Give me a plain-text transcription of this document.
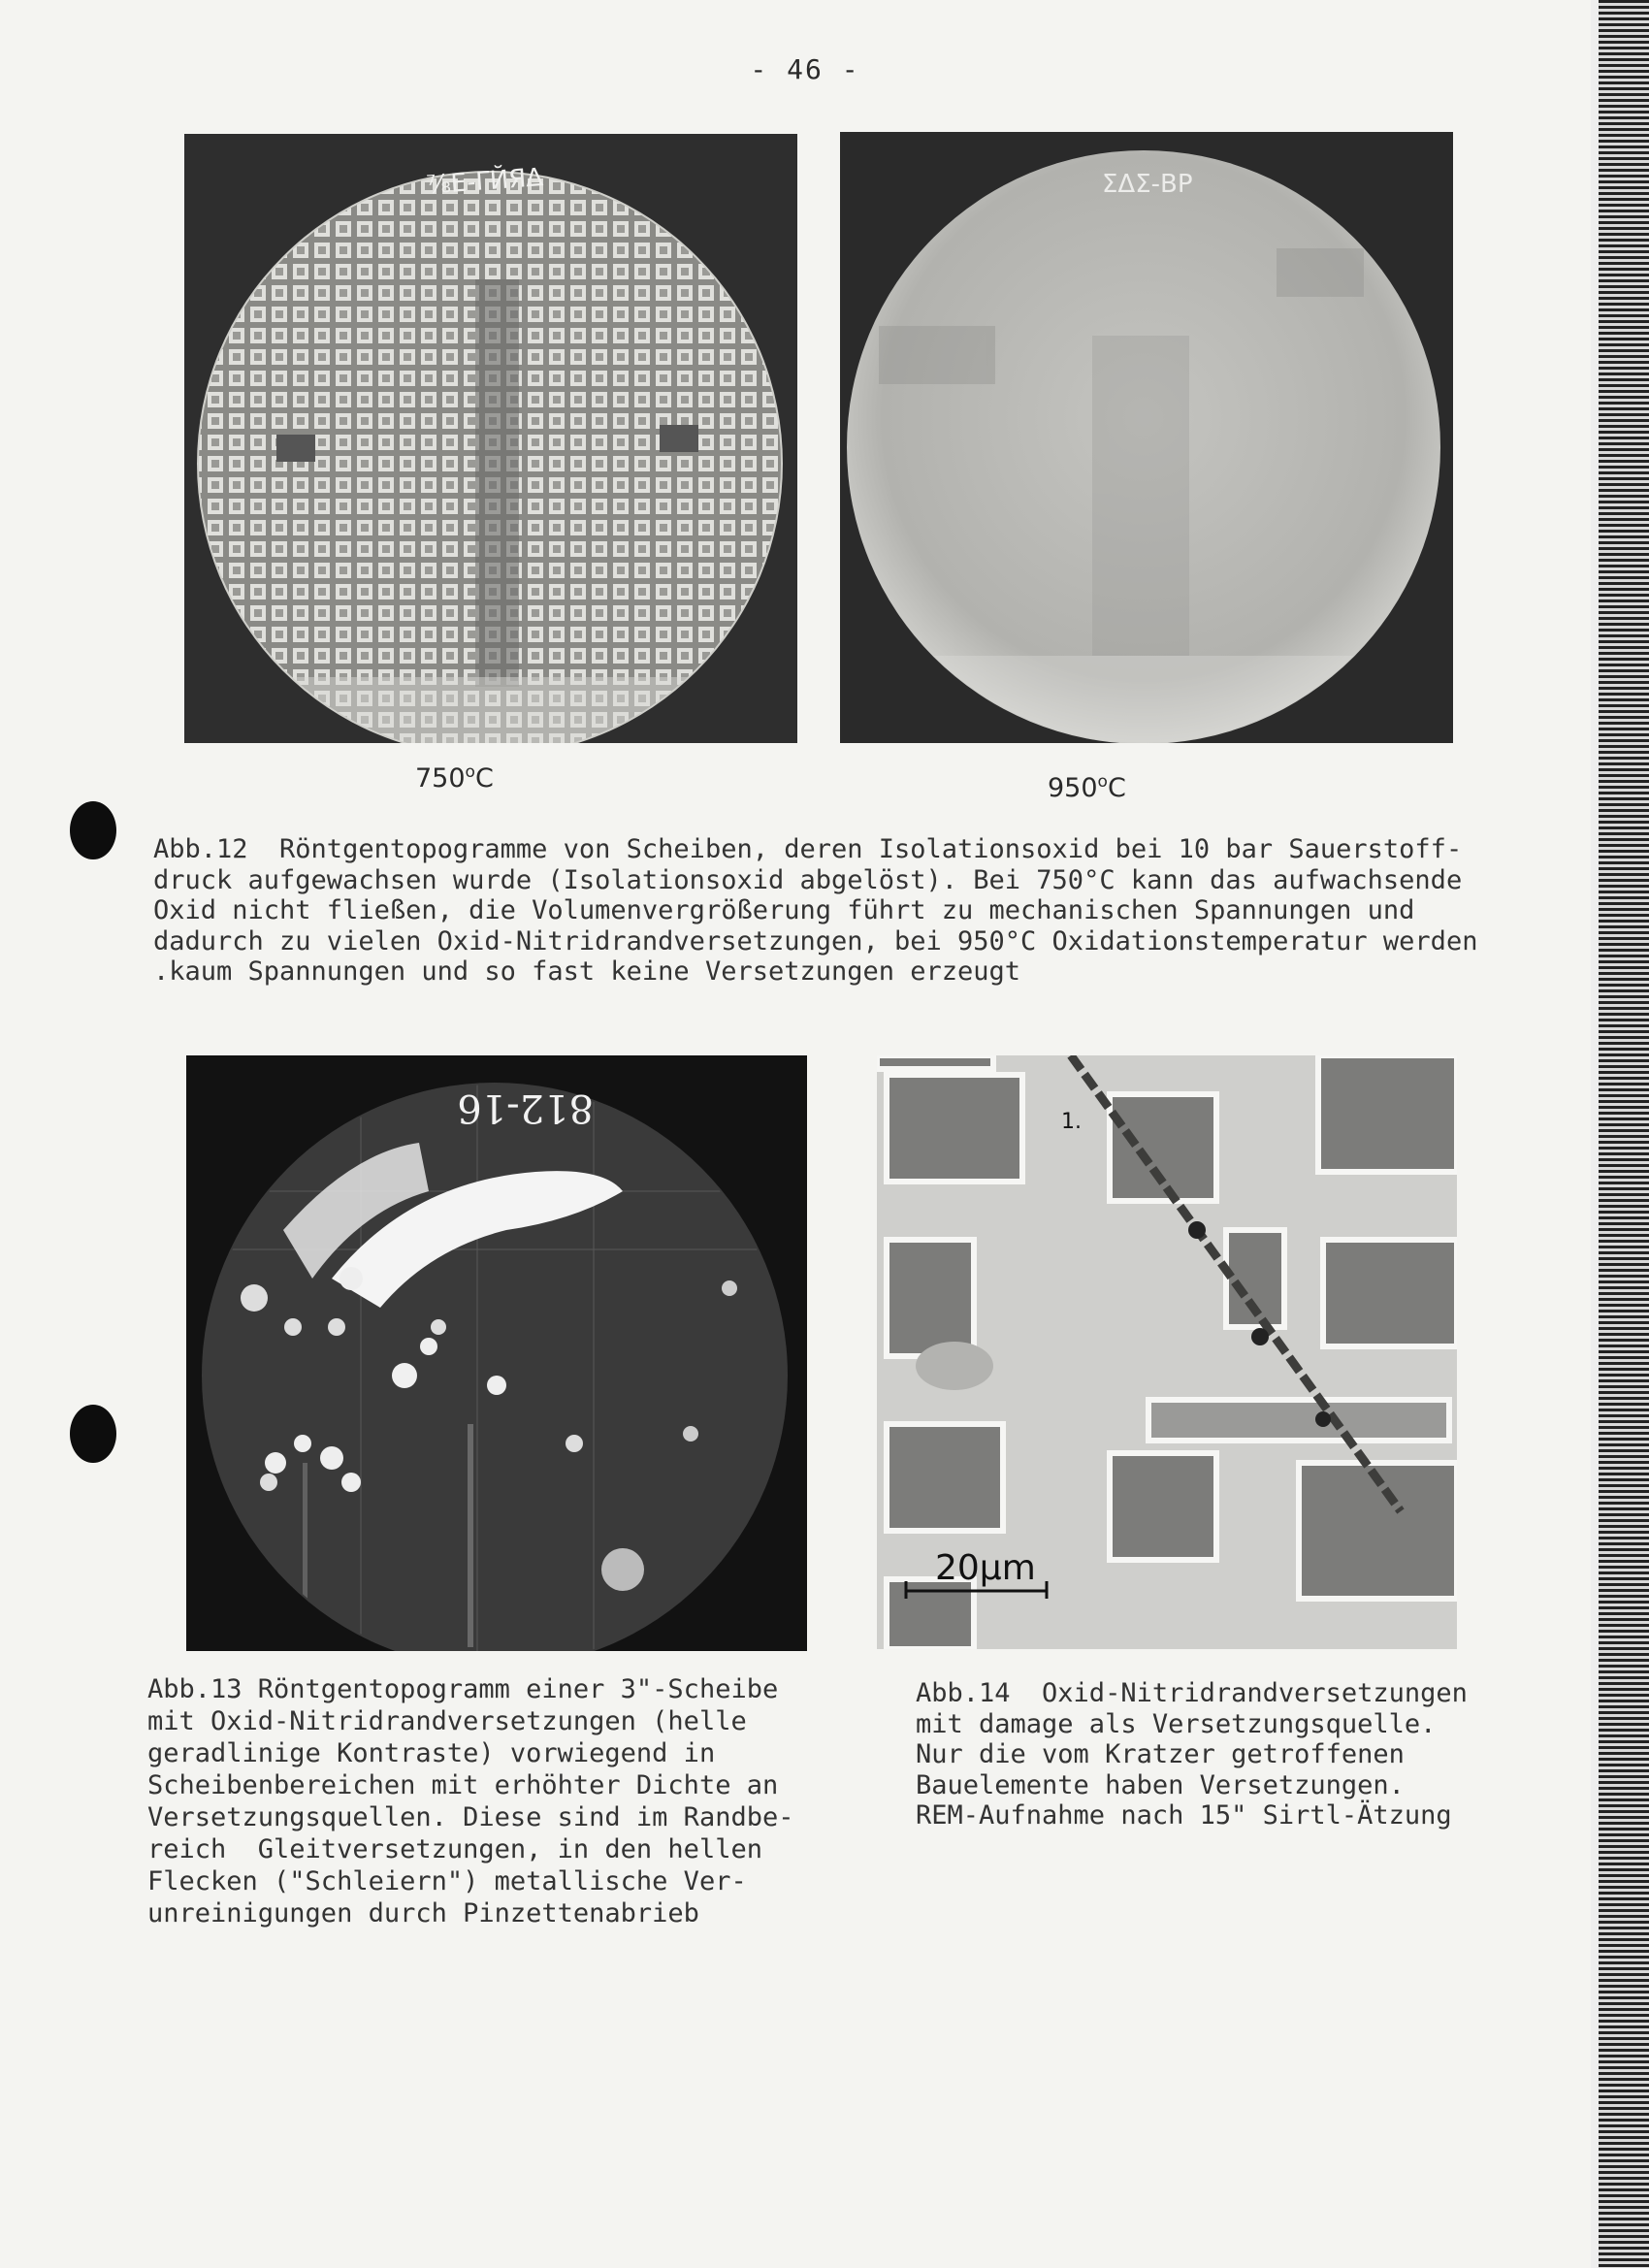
- 46 -
⅞Ε-ΓЙЯ∆	ΣΔΣ-ВΡ
750$^o$C	950$^o$C
Abb.12  Röntgentopogramme von Scheiben, deren Isolationsoxid bei 10 bar Sauerstoff-
druck aufgewachsen wurde (Isolationsoxid abgelöst). Bei 750°C kann das aufwachsende
Oxid nicht fließen, die Volumenvergrößerung führt zu mechanischen Spannungen und
dadurch zu vielen Oxid-Nitridrandversetzungen, bei 950°C Oxidationstemperatur werden
.kaum Spannungen und so fast keine Versetzungen erzeugt
812-16	1.
20µm
Abb.13 Röntgentopogramm einer 3"-Scheibe
mit Oxid-Nitridrandversetzungen (helle
geradlinige Kontraste) vorwiegend in
Scheibenbereichen mit erhöhter Dichte an
Versetzungsquellen. Diese sind im Randbe-
reich  Gleitversetzungen, in den hellen
Flecken ("Schleiern") metallische Ver-
unreinigungen durch Pinzettenabrieb
Abb.14  Oxid-Nitridrandversetzungen
mit damage als Versetzungsquelle.
Nur die vom Kratzer getroffenen
Bauelemente haben Versetzungen.
REM-Aufnahme nach 15" Sirtl-Ätzung
